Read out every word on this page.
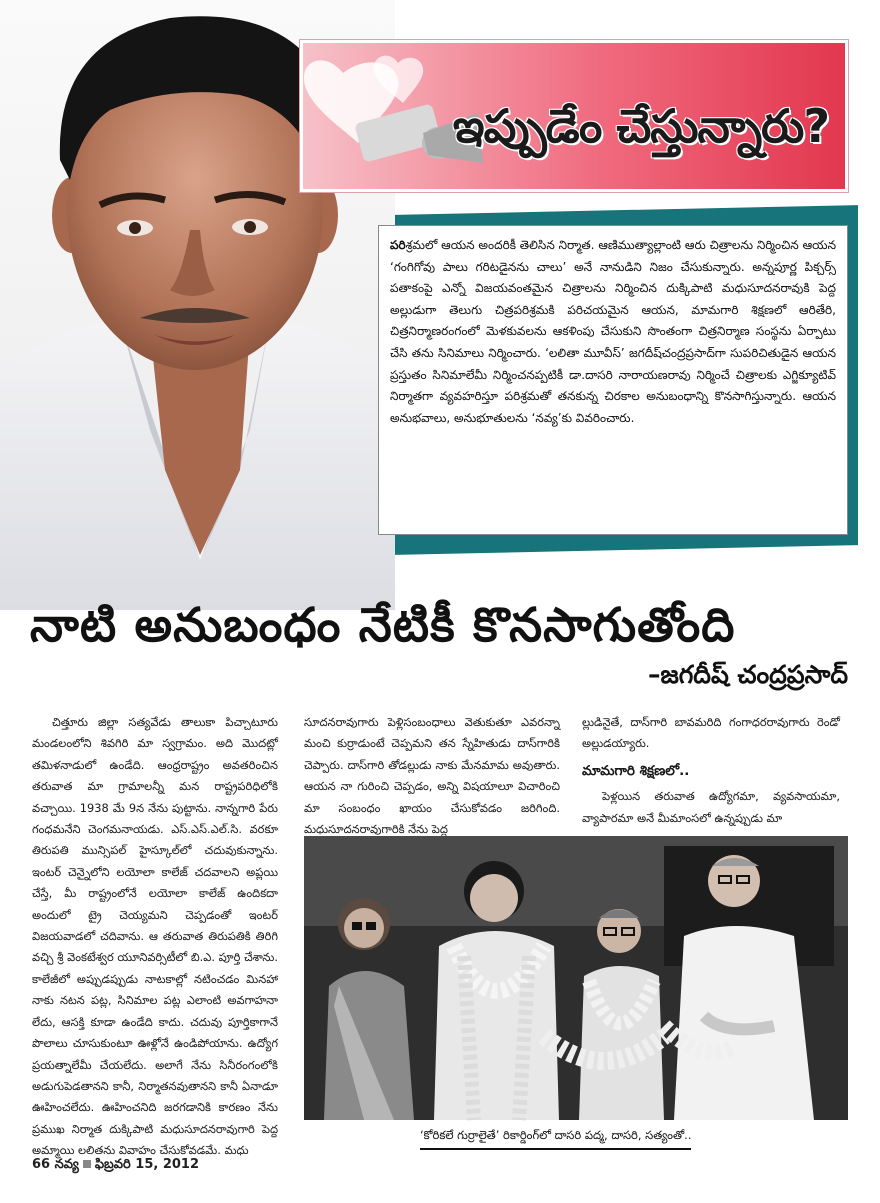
ఇప్పుడేం చేస్తున్నారు?
పరిశ్రమలో ఆయన అందరికీ తెలిసిన నిర్మాత. ఆణిముత్యాల్లాంటి ఆరు చిత్రాలను నిర్మించిన ఆయన ‘గంగిగోవు పాలు గరిటడైనను చాలు’ అనే నానుడిని నిజం చేసుకున్నారు. అన్నపూర్ణ పిక్చర్స్ పతాకంపై ఎన్నో విజయవంతమైన చిత్రాలను నిర్మించిన దుక్కిపాటి మధుసూదనరావుకి పెద్ద అల్లుడుగా తెలుగు చిత్రపరిశ్రమకి పరిచయమైన ఆయన, మామగారి శిక్షణలో ఆరితేరి, చిత్రనిర్మాణరంగంలో మెళకువలను ఆకళింపు చేసుకుని సొంతంగా చిత్రనిర్మాణ సంస్థను ఏర్పాటు చేసి తను సినిమాలు నిర్మించారు. ‘లలితా మూవీస్’ జగదీష్‌చంద్రప్రసాద్‌గా సుపరిచితుడైన ఆయన ప్రస్తుతం సినిమాలేమీ నిర్మించనప్పటికీ డా.దాసరి నారాయణరావు నిర్మించే చిత్రాలకు ఎగ్జిక్యూటివ్ నిర్మాతగా వ్యవహరిస్తూ పరిశ్రమతో తనకున్న చిరకాల అనుబంధాన్ని కొనసాగిస్తున్నారు. ఆయన అనుభవాలు, అనుభూతులను ‘నవ్య’కు వివరించారు.
నాటి అనుబంధం నేటికీ కొనసాగుతోంది
–జగదీష్ చంద్రప్రసాద్

చిత్తూరు జిల్లా సత్యవేడు తాలుకా పిచ్చాటూరు మండలంలోని శివగిరి మా స్వగ్రామం. అది మొదట్లో తమిళనాడులో ఉండేది. ఆంధ్రరాష్ట్రం అవతరించిన తరువాత మా గ్రామాలన్నీ మన రాష్ట్రపరిధిలోకి వచ్చాయి. 1938 మే 9న నేను పుట్టాను. నాన్నగారి పేరు గంధమనేని చెంగమనాయడు. ఎస్.ఎస్.ఎల్.సి. వరకూ తిరుపతి మున్సిపల్ హైస్కూల్‌లో చదువుకున్నాను. ఇంటర్ చెన్నైలోని లయోలా కాలేజ్ చదవాలని అప్లయి చేస్తే, మీ రాష్ట్రంలోనే లయోలా కాలేజ్ ఉందికదా అందులో ట్రై చెయ్యమని చెప్పడంతో ఇంటర్ విజయవాడలో చదివాను. ఆ తరువాత తిరుపతికి తిరిగి వచ్చి శ్రీ వెంకటేశ్వర యూనివర్సిటీలో బి.ఎ. పూర్తి చేశాను. కాలేజీలో అప్పుడప్పుడు నాటకాల్లో నటించడం మినహా నాకు నటన పట్ల, సినిమాల పట్ల ఎలాంటి అవగాహనా లేదు, ఆసక్తి కూడా ఉండేది కాదు. చదువు పూర్తికాగానే పొలాలు చూసుకుంటూ ఊళ్లోనే ఉండిపోయాను. ఉద్యోగ ప్రయత్నాలేమీ చేయలేదు. అలాగే నేను సినీరంగంలోకి అడుగుపెడతానని కానీ, నిర్మాతనవుతానని కానీ ఏనాడూ ఊహించలేదు. ఊహించనిది జరగడానికి కారణం నేను ప్రముఖ నిర్మాత దుక్కిపాటి మధుసూదనరావుగారి పెద్ద అమ్మాయి లలితను వివాహం చేసుకోవడమే. మధు

సూదనరావుగారు పెళ్లిసంబంధాలు వెతుకుతూ ఎవరన్నా మంచి కుర్రాడుంటే చెప్పమని తన స్నేహితుడు దాస్‌గారికి చెప్పారు. దాస్‌గారి తోడల్లుడు నాకు మేనమామ అవుతారు. ఆయన నా గురించి చెప్పడం, అన్ని విషయాలూ విచారించి మా సంబంధం ఖాయం చేసుకోవడం జరిగింది. మధుసూదనరావుగారికి నేను పెద్ద

ల్లుడినైతే, దాస్‌గారి బావమరిది గంగాధరరావుగారు రెండో అల్లుడయ్యారు.

మామగారి శిక్షణలో..

పెళ్లయిన తరువాత ఉద్యోగమా, వ్యవసాయమా, వ్యాపారమా అనే మీమాంసలో ఉన్నప్పుడు మా

‘కోరికలే గుర్రాలైతే’ రికార్డింగ్‌లో దాసరి పద్మ, దాసరి, సత్యంతో..
66 నవ్య ఫిబ్రవరి 15, 2012
